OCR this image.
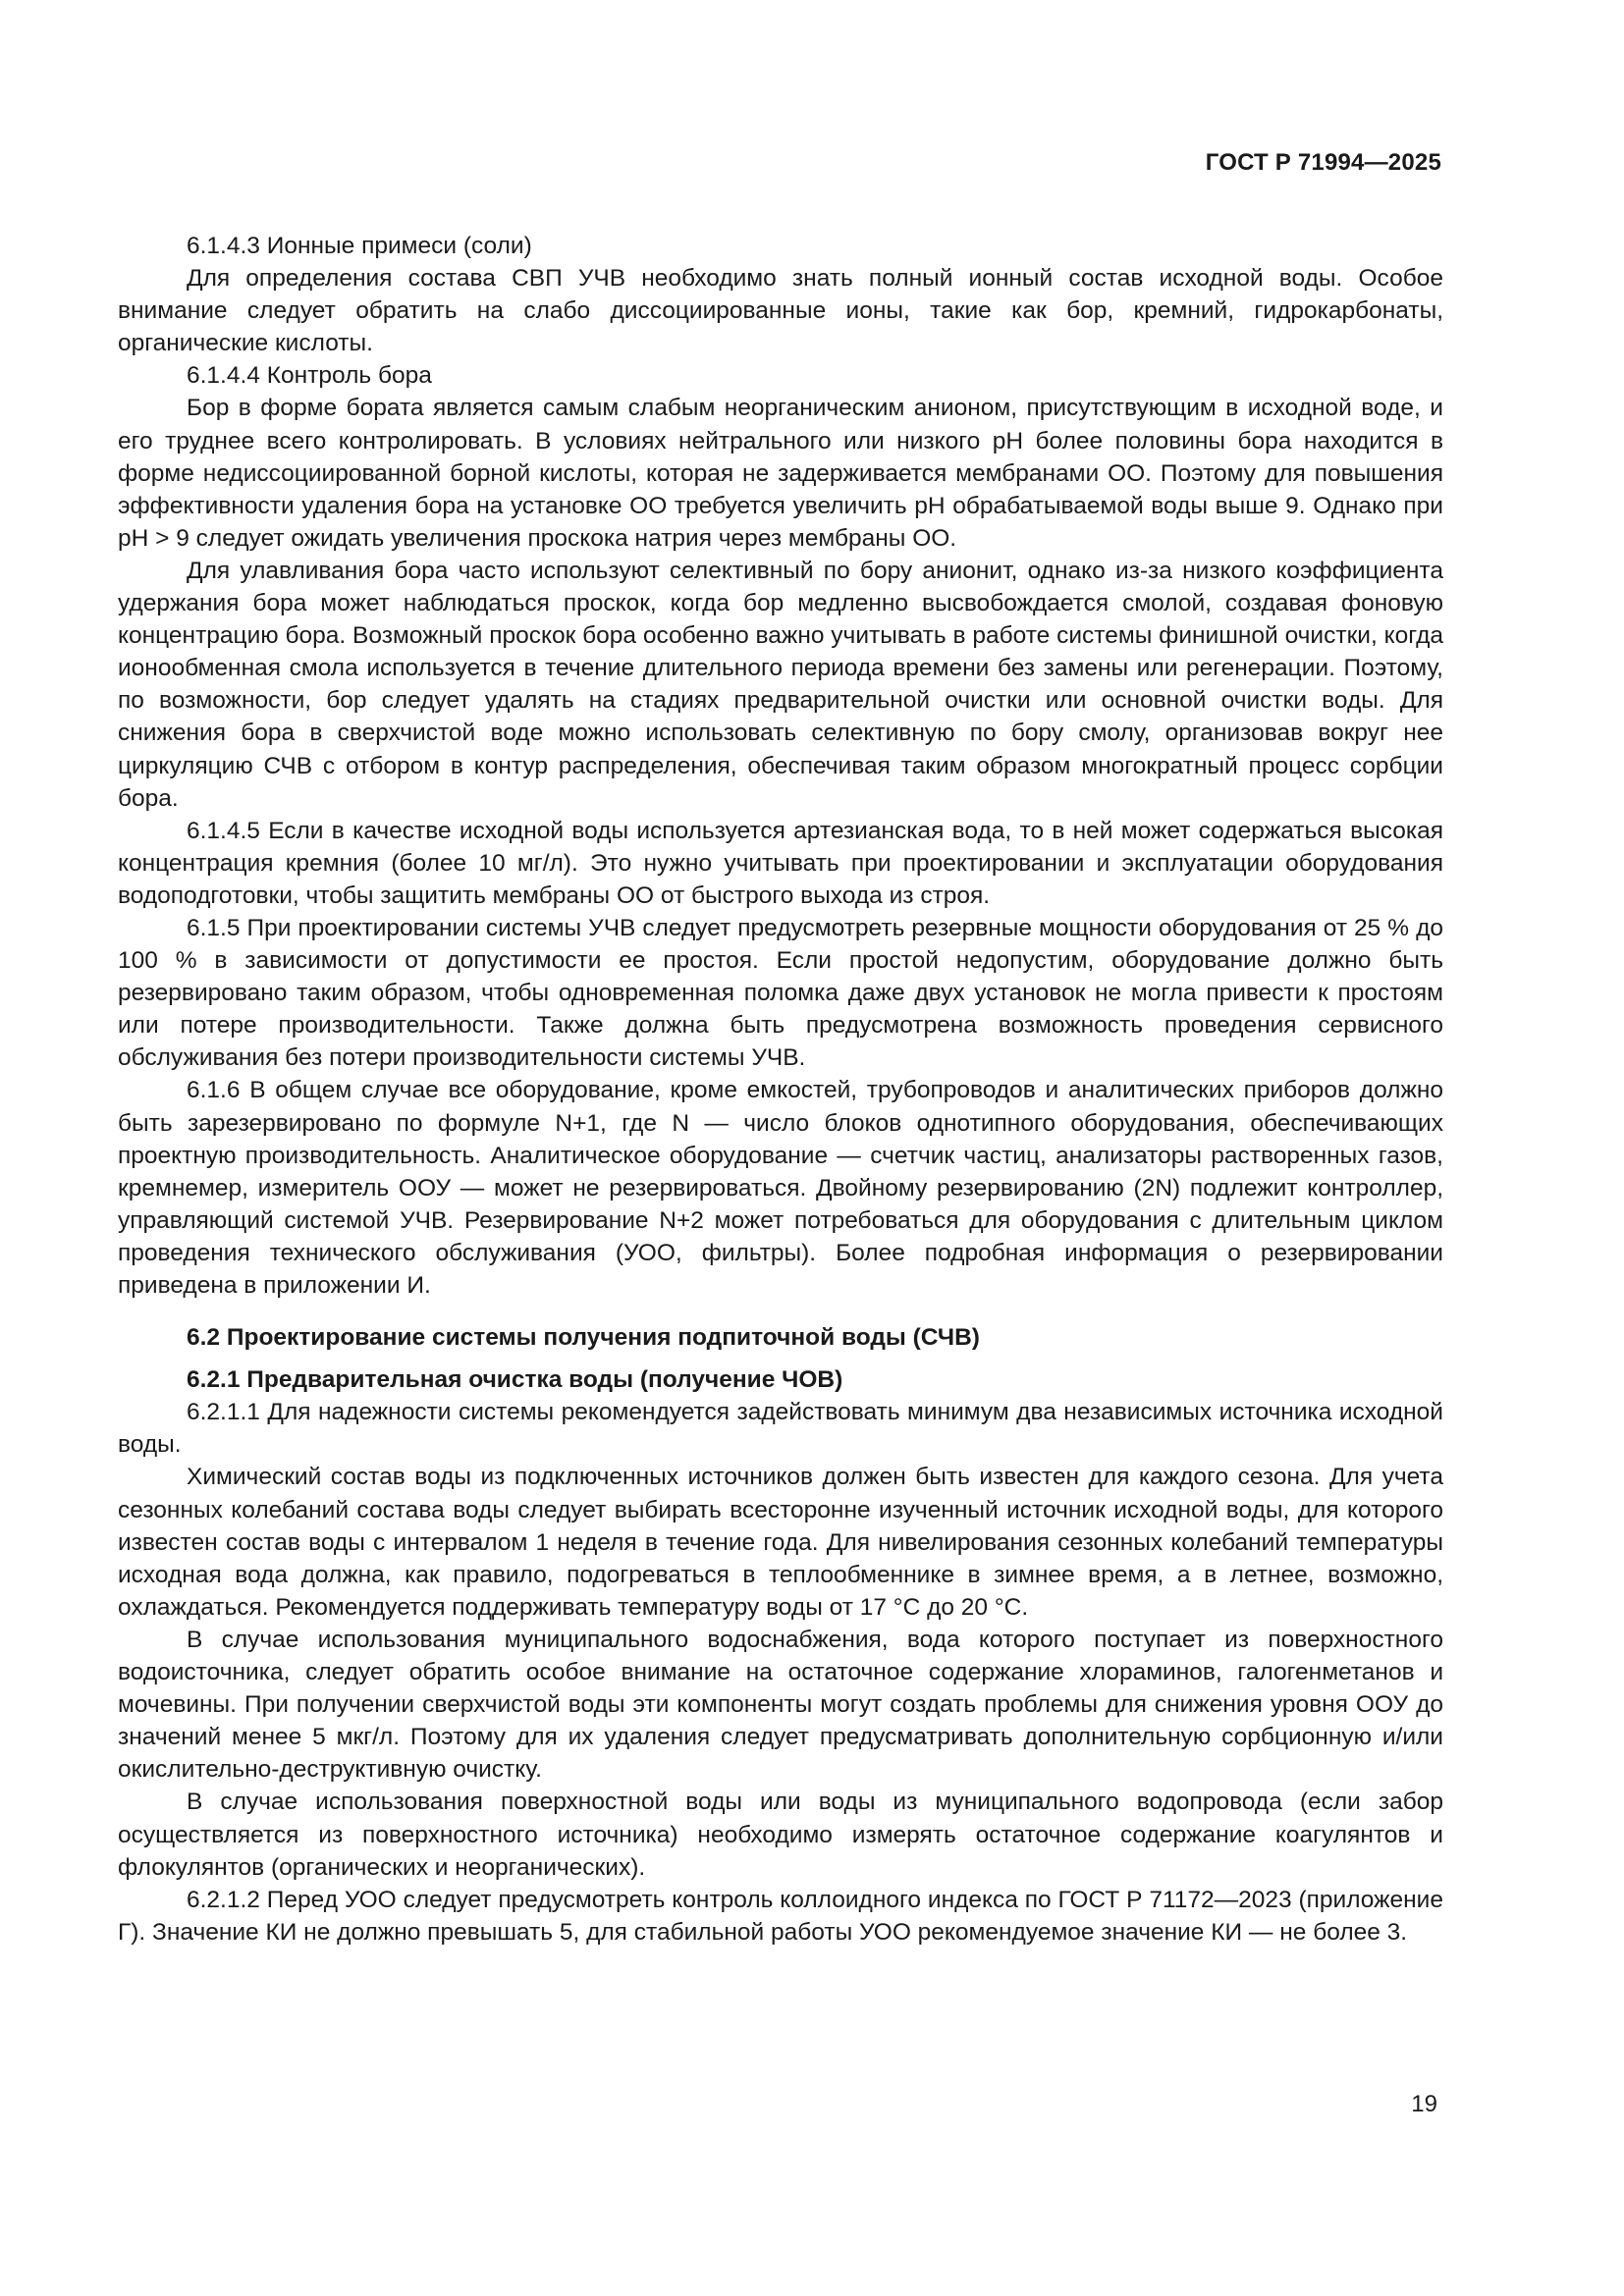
ГОСТ Р 71994—2025

6.1.4.3 Ионные примеси (соли)

Для определения состава СВП УЧВ необходимо знать полный ионный состав исходной воды. Особое внимание следует обратить на слабо диссоциированные ионы, такие как бор, кремний, гидрокарбонаты, органические кислоты.

6.1.4.4 Контроль бора

Бор в форме бората является самым слабым неорганическим анионом, присутствующим в исходной воде, и его труднее всего контролировать. В условиях нейтрального или низкого pH более половины бора находится в форме недиссоциированной борной кислоты, которая не задерживается мембранами ОО. Поэтому для повышения эффективности удаления бора на установке ОО требуется увеличить pH обрабатываемой воды выше 9. Однако при pH > 9 следует ожидать увеличения проскока натрия через мембраны ОО.

Для улавливания бора часто используют селективный по бору анионит, однако из-за низкого коэффициента удержания бора может наблюдаться проскок, когда бор медленно высвобождается смолой, создавая фоновую концентрацию бора. Возможный проскок бора особенно важно учитывать в работе системы финишной очистки, когда ионообменная смола используется в течение длительного периода времени без замены или регенерации. Поэтому, по возможности, бор следует удалять на стадиях предварительной очистки или основной очистки воды. Для снижения бора в сверхчистой воде можно использовать селективную по бору смолу, организовав вокруг нее циркуляцию СЧВ с отбором в контур распределения, обеспечивая таким образом многократный процесс сорбции бора.

6.1.4.5 Если в качестве исходной воды используется артезианская вода, то в ней может содержаться высокая концентрация кремния (более 10 мг/л). Это нужно учитывать при проектировании и эксплуатации оборудования водоподготовки, чтобы защитить мембраны ОО от быстрого выхода из строя.

6.1.5 При проектировании системы УЧВ следует предусмотреть резервные мощности оборудования от 25 % до 100 % в зависимости от допустимости ее простоя. Если простой недопустим, оборудование должно быть резервировано таким образом, чтобы одновременная поломка даже двух установок не могла привести к простоям или потере производительности. Также должна быть предусмотрена возможность проведения сервисного обслуживания без потери производительности системы УЧВ.

6.1.6 В общем случае все оборудование, кроме емкостей, трубопроводов и аналитических приборов должно быть зарезервировано по формуле N+1, где N — число блоков однотипного оборудования, обеспечивающих проектную производительность. Аналитическое оборудование — счетчик частиц, анализаторы растворенных газов, кремнемер, измеритель ООУ — может не резервироваться. Двойному резервированию (2N) подлежит контроллер, управляющий системой УЧВ. Резервирование N+2 может потребоваться для оборудования с длительным циклом проведения технического обслуживания (УОО, фильтры). Более подробная информация о резервировании приведена в приложении И.

6.2 Проектирование системы получения подпиточной воды (СЧВ)
6.2.1 Предварительная очистка воды (получение ЧОВ)

6.2.1.1 Для надежности системы рекомендуется задействовать минимум два независимых источника исходной воды.

Химический состав воды из подключенных источников должен быть известен для каждого сезона. Для учета сезонных колебаний состава воды следует выбирать всесторонне изученный источник исходной воды, для которого известен состав воды с интервалом 1 неделя в течение года. Для нивелирования сезонных колебаний температуры исходная вода должна, как правило, подогреваться в теплообменнике в зимнее время, а в летнее, возможно, охлаждаться. Рекомендуется поддерживать температуру воды от 17 °С до 20 °С.

В случае использования муниципального водоснабжения, вода которого поступает из поверхностного водоисточника, следует обратить особое внимание на остаточное содержание хлораминов, галогенметанов и мочевины. При получении сверхчистой воды эти компоненты могут создать проблемы для снижения уровня ООУ до значений менее 5 мкг/л. Поэтому для их удаления следует предусматривать дополнительную сорбционную и/или окислительно-деструктивную очистку.

В случае использования поверхностной воды или воды из муниципального водопровода (если забор осуществляется из поверхностного источника) необходимо измерять остаточное содержание коагулянтов и флокулянтов (органических и неорганических).

6.2.1.2 Перед УОО следует предусмотреть контроль коллоидного индекса по ГОСТ Р 71172—2023 (приложение Г). Значение КИ не должно превышать 5, для стабильной работы УОО рекомендуемое значение КИ — не более 3.

19
